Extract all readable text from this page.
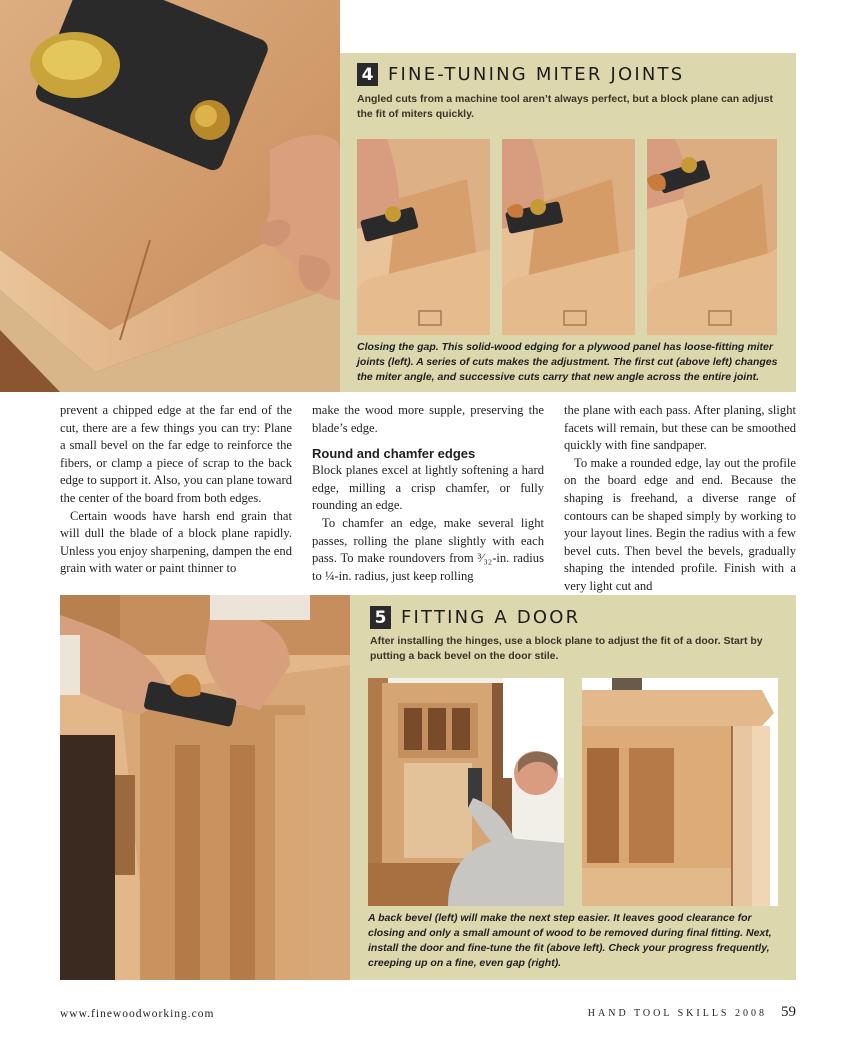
4 FINE-TUNING MITER JOINTS
Angled cuts from a machine tool aren’t always perfect, but a block plane can adjust the fit of miters quickly.
Closing the gap. This solid-wood edging for a plywood panel has loose-fitting miter joints (left). A series of cuts makes the adjustment. The first cut (above left) changes the miter angle, and successive cuts carry that new angle across the entire joint.

prevent a chipped edge at the far end of the cut, there are a few things you can try: Plane a small bevel on the far edge to reinforce the fibers, or clamp a piece of scrap to the back edge to support it. Also, you can plane toward the center of the board from both edges.

Certain woods have harsh end grain that will dull the blade of a block plane rapidly. Unless you enjoy sharpening, dampen the end grain with water or paint thinner to

make the wood more supple, preserving the blade’s edge.

Round and chamfer edges

Block planes excel at lightly softening a hard edge, milling a crisp chamfer, or fully rounding an edge.

To chamfer an edge, make several light passes, rolling the plane slightly with each pass. To make roundovers from ³⁄₃₂-in. radius to ¼-in. radius, just keep rolling

the plane with each pass. After planing, slight facets will remain, but these can be smoothed quickly with fine sandpaper.

To make a rounded edge, lay out the profile on the board edge and end. Because the shaping is freehand, a diverse range of contours can be shaped simply by working to your layout lines. Begin the radius with a few bevel cuts. Then bevel the bevels, gradually shaping the intended profile. Finish with a very light cut and

5 FITTING A DOOR
After installing the hinges, use a block plane to adjust the fit of a door. Start by putting a back bevel on the door stile.
A back bevel (left) will make the next step easier. It leaves good clearance for closing and only a small amount of wood to be removed during final fitting. Next, install the door and fine-tune the fit (above left). Check your progress frequently, creeping up on a fine, even gap (right).
www.finewoodworking.com	HAND TOOL SKILLS 2008 59
